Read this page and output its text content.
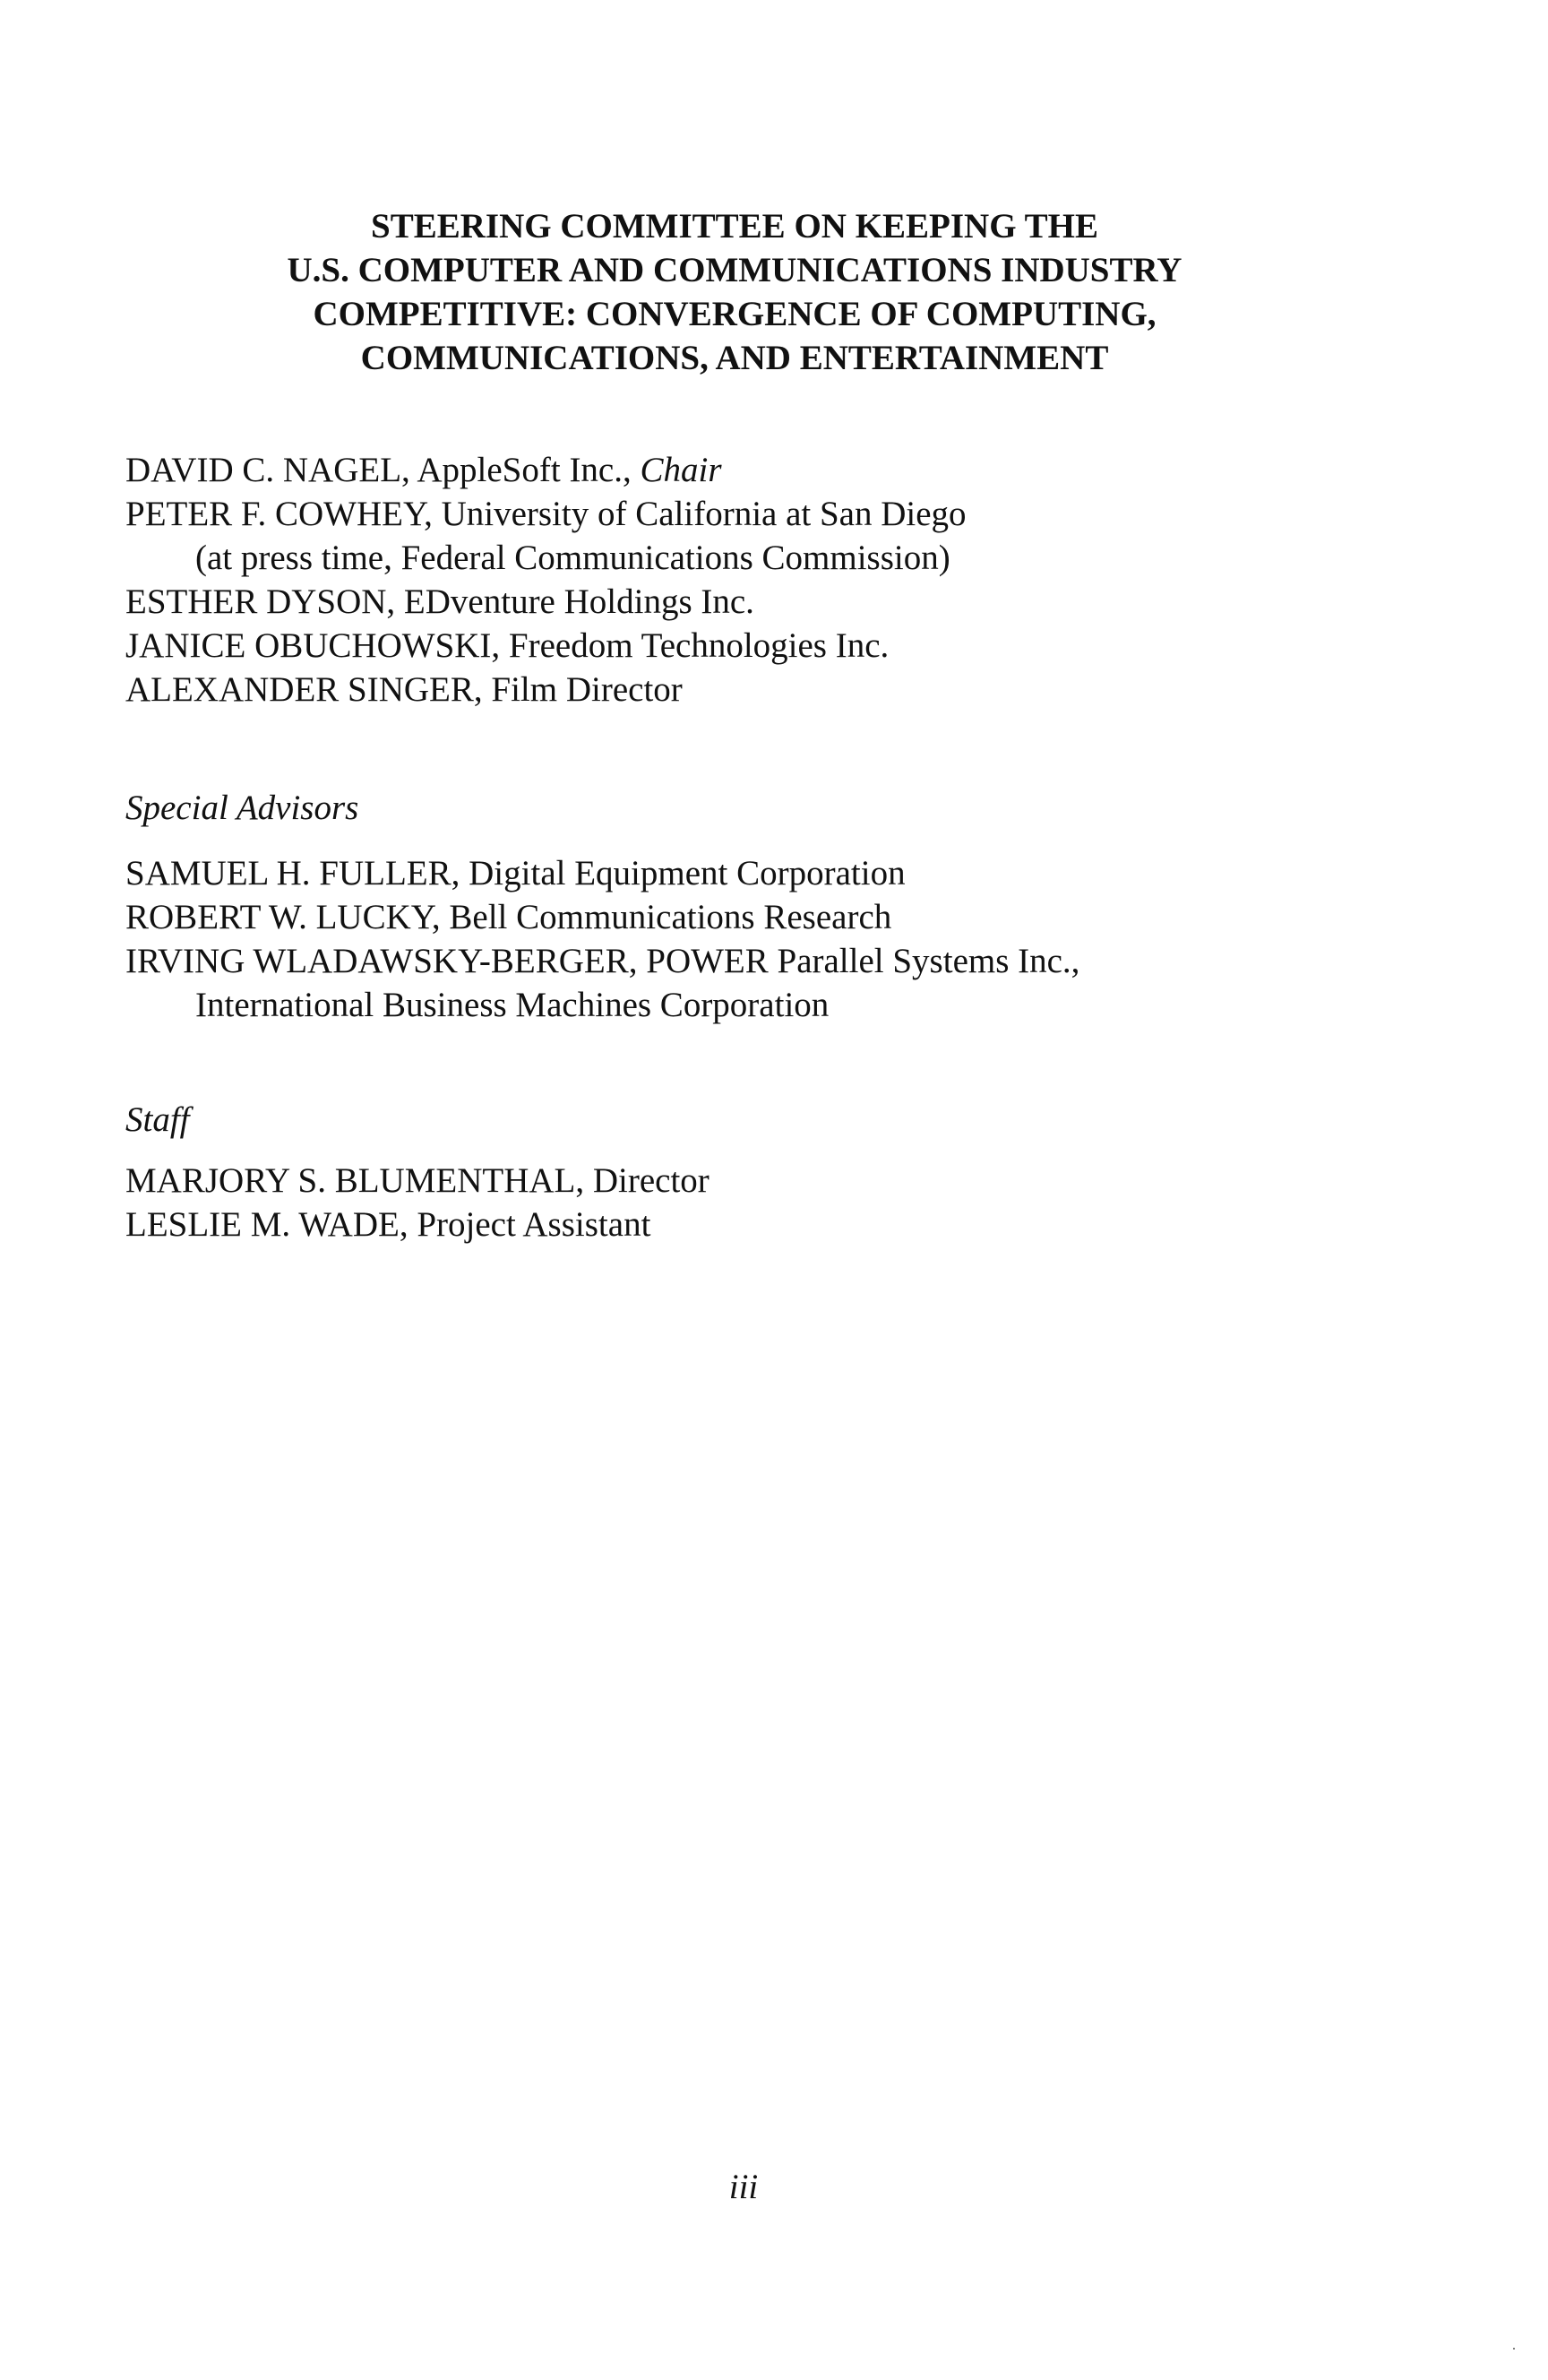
STEERING COMMITTEE ON KEEPING THE
U.S. COMPUTER AND COMMUNICATIONS INDUSTRY
COMPETITIVE: CONVERGENCE OF COMPUTING,
COMMUNICATIONS, AND ENTERTAINMENT
DAVID C. NAGEL, AppleSoft Inc., Chair
PETER F. COWHEY, University of California at San Diego
(at press time, Federal Communications Commission)
ESTHER DYSON, EDventure Holdings Inc.
JANICE OBUCHOWSKI, Freedom Technologies Inc.
ALEXANDER SINGER, Film Director
Special Advisors
SAMUEL H. FULLER, Digital Equipment Corporation
ROBERT W. LUCKY, Bell Communications Research
IRVING WLADAWSKY-BERGER, POWER Parallel Systems Inc.,
International Business Machines Corporation
Staff
MARJORY S. BLUMENTHAL, Director
LESLIE M. WADE, Project Assistant
iii
